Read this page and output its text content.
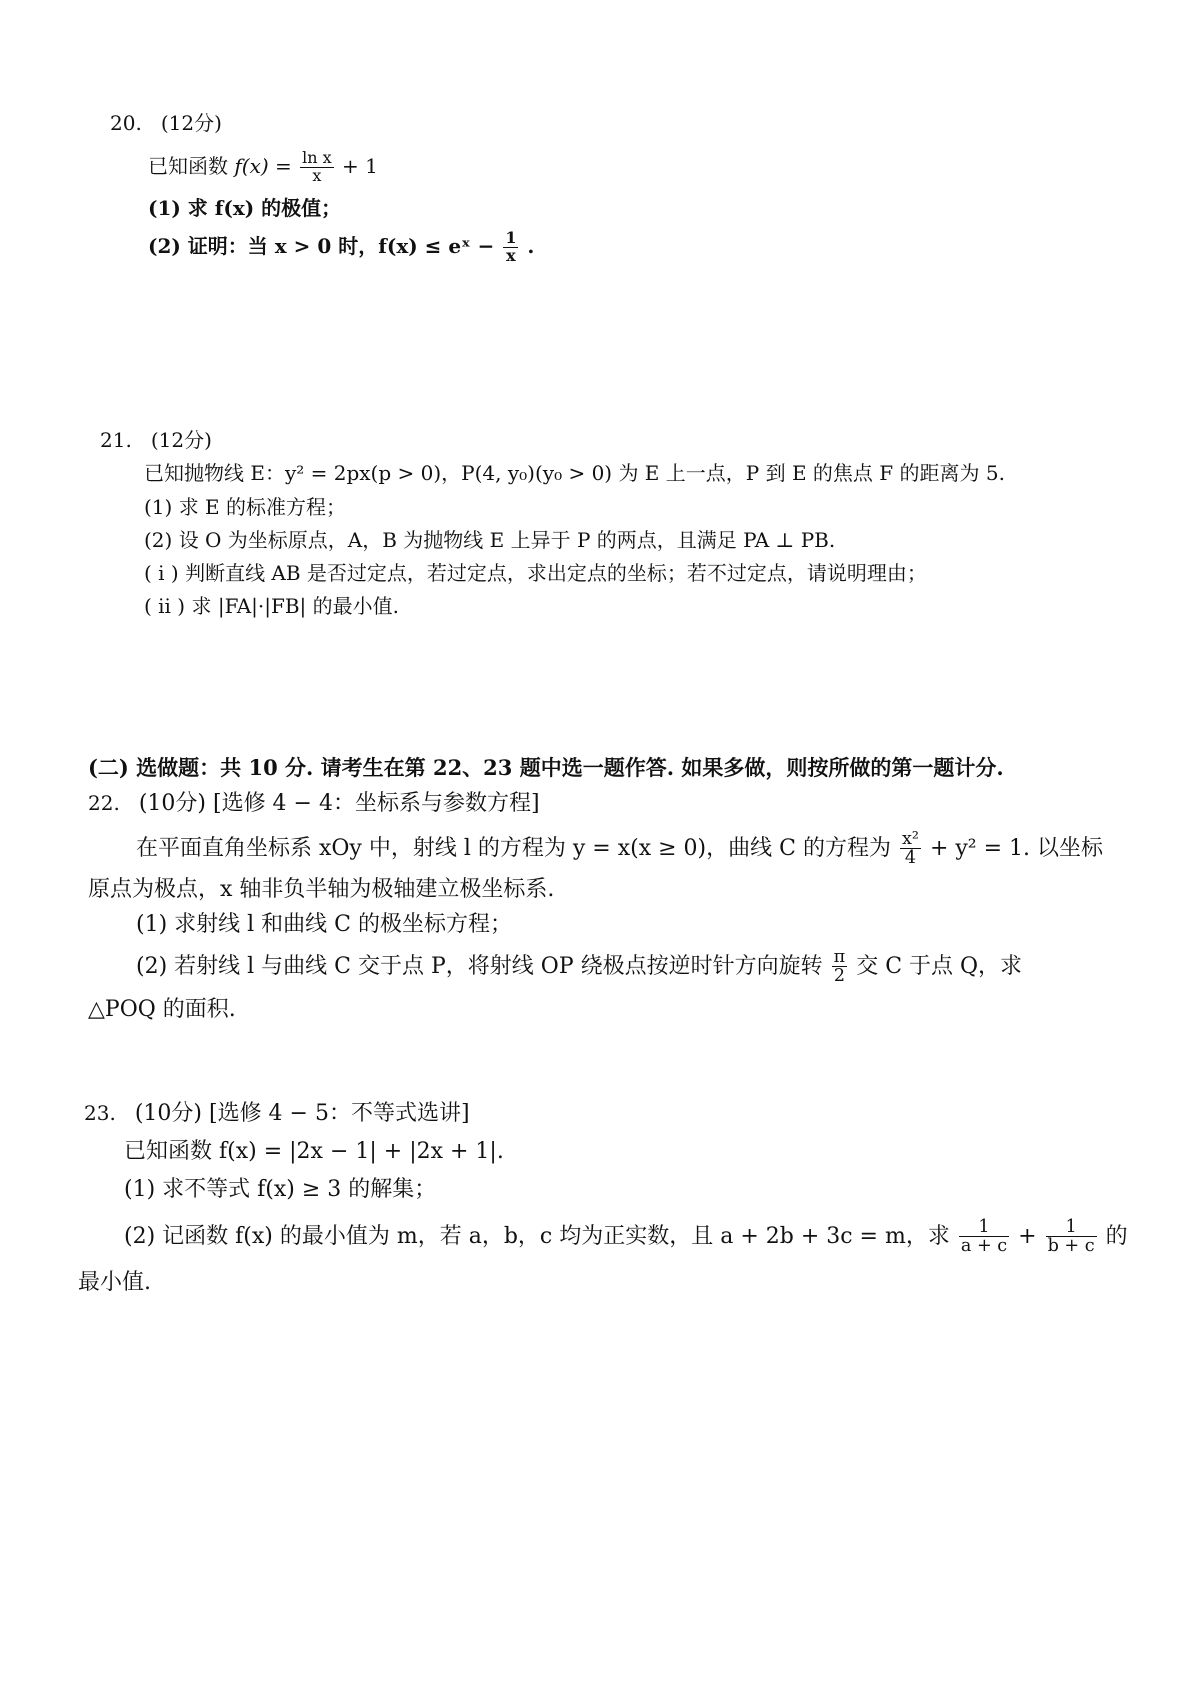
20. (12分)
已知函数 $f(x) = \frac{\text{ln x}}{x} + 1$
(1) 求 f(x) 的极值；
(2) 证明：当 x > 0 时，f(x) ≤ eˣ − $\frac{1}{x}$ .
21. (12分)
已知抛物线 E：y² = 2px(p > 0)，P(4, y₀)(y₀ > 0) 为 E 上一点，P 到 E 的焦点 F 的距离为 5.
(1) 求 E 的标准方程；
(2) 设 O 为坐标原点，A，B 为抛物线 E 上异于 P 的两点，且满足 PA ⊥ PB.
( i ) 判断直线 AB 是否过定点，若过定点，求出定点的坐标；若不过定点，请说明理由；
( ii ) 求 |FA|·|FB| 的最小值.
(二) 选做题：共 10 分. 请考生在第 22、23 题中选一题作答. 如果多做，则按所做的第一题计分.
22. (10分) [选修 4 − 4：坐标系与参数方程]
在平面直角坐标系 xOy 中，射线 l 的方程为 y = x(x ≥ 0)，曲线 C 的方程为 $\frac{\text{x²}}{4} + y^2 = 1$. 以坐标
原点为极点，x 轴非负半轴为极轴建立极坐标系.
(1) 求射线 l 和曲线 C 的极坐标方程；
(2) 若射线 l 与曲线 C 交于点 P，将射线 OP 绕极点按逆时针方向旋转 $\frac{\pi}{2}$ 交 C 于点 Q，求
△POQ 的面积.
23. (10分) [选修 4 − 5：不等式选讲]
已知函数 f(x) = |2x − 1| + |2x + 1|.
(1) 求不等式 f(x) ≥ 3 的解集；
(2) 记函数 f(x) 的最小值为 m，若 a，b，c 均为正实数，且 a + 2b + 3c = m，求 $\frac{1}{a + c} + \frac{1}{b + c}$ 的
最小值.
